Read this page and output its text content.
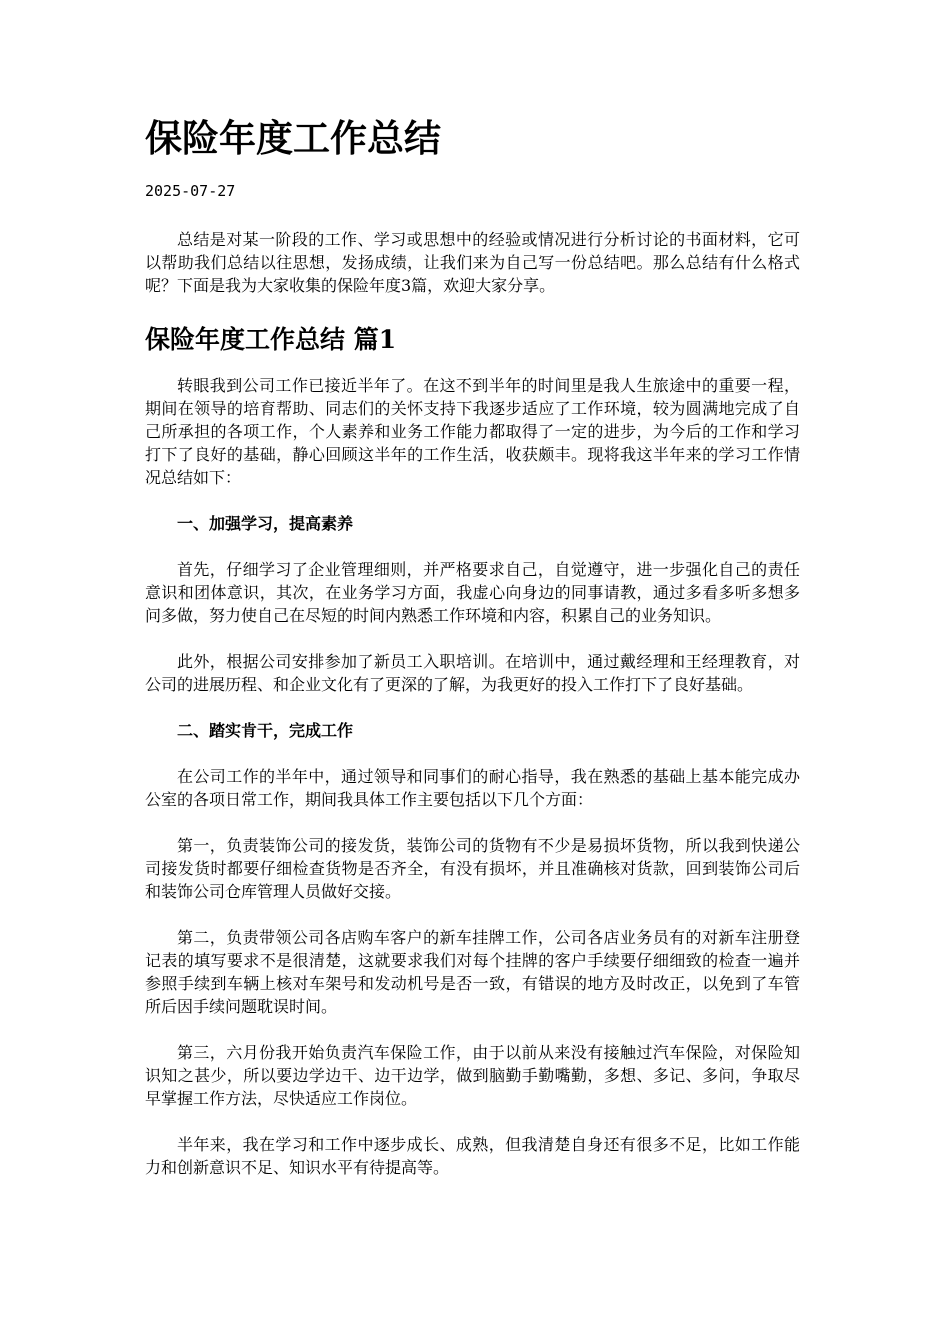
保险年度工作总结
2025-07-27

总结是对某一阶段的工作、学习或思想中的经验或情况进行分析讨论的书面材料，它可以帮助我们总结以往思想，发扬成绩，让我们来为自己写一份总结吧。那么总结有什么格式呢？下面是我为大家收集的保险年度3篇，欢迎大家分享。

保险年度工作总结 篇1

转眼我到公司工作已接近半年了。在这不到半年的时间里是我人生旅途中的重要一程，期间在领导的培育帮助、同志们的关怀支持下我逐步适应了工作环境，较为圆满地完成了自己所承担的各项工作，个人素养和业务工作能力都取得了一定的进步，为今后的工作和学习打下了良好的基础，静心回顾这半年的工作生活，收获颇丰。现将我这半年来的学习工作情况总结如下：

一、加强学习，提高素养

首先，仔细学习了企业管理细则，并严格要求自己，自觉遵守，进一步强化自己的责任意识和团体意识，其次，在业务学习方面，我虚心向身边的同事请教，通过多看多听多想多问多做，努力使自己在尽短的时间内熟悉工作环境和内容，积累自己的业务知识。

此外，根据公司安排参加了新员工入职培训。在培训中，通过戴经理和王经理教育，对公司的进展历程、和企业文化有了更深的了解，为我更好的投入工作打下了良好基础。

二、踏实肯干，完成工作

在公司工作的半年中，通过领导和同事们的耐心指导，我在熟悉的基础上基本能完成办公室的各项日常工作，期间我具体工作主要包括以下几个方面：

第一，负责装饰公司的接发货，装饰公司的货物有不少是易损坏货物，所以我到快递公司接发货时都要仔细检查货物是否齐全，有没有损坏，并且准确核对货款，回到装饰公司后和装饰公司仓库管理人员做好交接。

第二，负责带领公司各店购车客户的新车挂牌工作，公司各店业务员有的对新车注册登记表的填写要求不是很清楚，这就要求我们对每个挂牌的客户手续要仔细细致的检查一遍并参照手续到车辆上核对车架号和发动机号是否一致，有错误的地方及时改正，以免到了车管所后因手续问题耽误时间。

第三，六月份我开始负责汽车保险工作，由于以前从来没有接触过汽车保险，对保险知识知之甚少，所以要边学边干、边干边学，做到脑勤手勤嘴勤，多想、多记、多问，争取尽早掌握工作方法，尽快适应工作岗位。

半年来，我在学习和工作中逐步成长、成熟，但我清楚自身还有很多不足，比如工作能力和创新意识不足、知识水平有待提高等。
